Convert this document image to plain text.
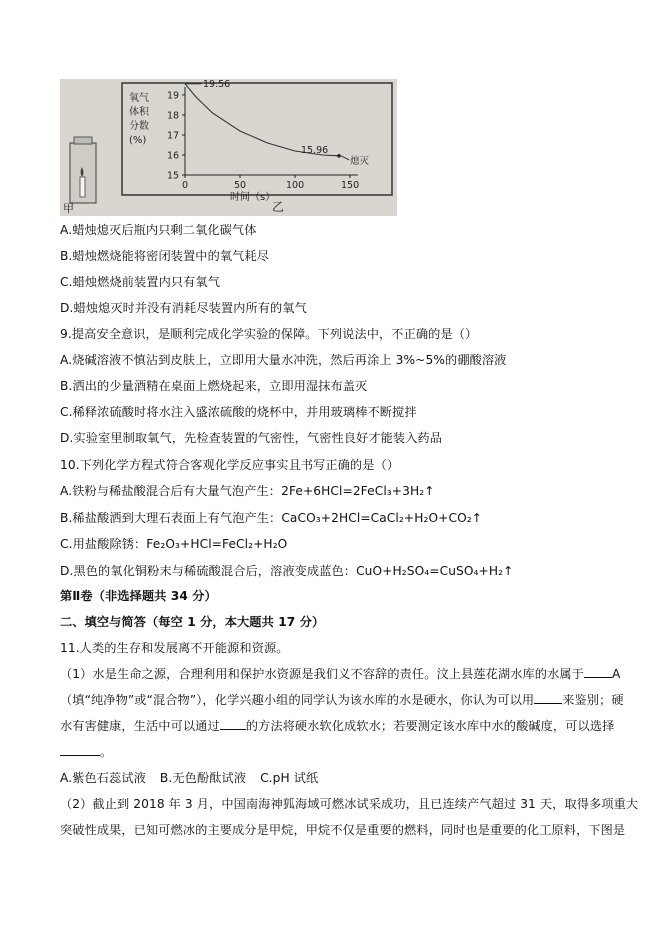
甲
氧气
体积
分数
(%)
19
18
17
16
15
0	50	100	150
时间（s）
19.56
15.96
熄灭
乙
A.蜡烛熄灭后瓶内只剩二氧化碳气体
B.蜡烛燃烧能将密闭装置中的氧气耗尽
C.蜡烛燃烧前装置内只有氧气
D.蜡烛熄灭时并没有消耗尽装置内所有的氧气
9.提高安全意识，是顺利完成化学实验的保障。下列说法中，不正确的是（）
A.烧碱溶液不慎沾到皮肤上，立即用大量水冲洗，然后再涂上 3%~5%的硼酸溶液
B.洒出的少量酒精在桌面上燃烧起来，立即用湿抹布盖灭
C.稀释浓硫酸时将水注入盛浓硫酸的烧杯中，并用玻璃棒不断搅拌
D.实验室里制取氧气，先检查装置的气密性，气密性良好才能装入药品
10.下列化学方程式符合客观化学反应事实且书写正确的是（）
A.铁粉与稀盐酸混合后有大量气泡产生：2Fe+6HCl=2FeCl₃+3H₂↑
B.稀盐酸洒到大理石表面上有气泡产生：CaCO₃+2HCl=CaCl₂+H₂O+CO₂↑
C.用盐酸除锈：Fe₂O₃+HCl=FeCl₂+H₂O
D.黑色的氧化铜粉末与稀硫酸混合后，溶液变成蓝色：CuO+H₂SO₄=CuSO₄+H₂↑
第Ⅱ卷（非选择题共 34 分）
二、填空与简答（每空 1 分，本大题共 17 分）
11.人类的生存和发展离不开能源和资源。
（1）水是生命之源，合理利用和保护水资源是我们义不容辞的责任。汶上县莲花湖水库的水属于 A
（填“纯净物”或“混合物”），化学兴趣小组的同学认为该水库的水是硬水，你认为可以用 来鉴别；硬
水有害健康，生活中可以通过 的方法将硬水软化成软水；若要测定该水库中水的酸碱度，可以选择
。
A.紫色石蕊试液 B.无色酚酞试液 C.pH 试纸
（2）截止到 2018 年 3 月，中国南海神狐海域可燃冰试采成功，且已连续产气超过 31 天，取得多项重大
突破性成果，已知可燃冰的主要成分是甲烷，甲烷不仅是重要的燃料，同时也是重要的化工原料，下图是
